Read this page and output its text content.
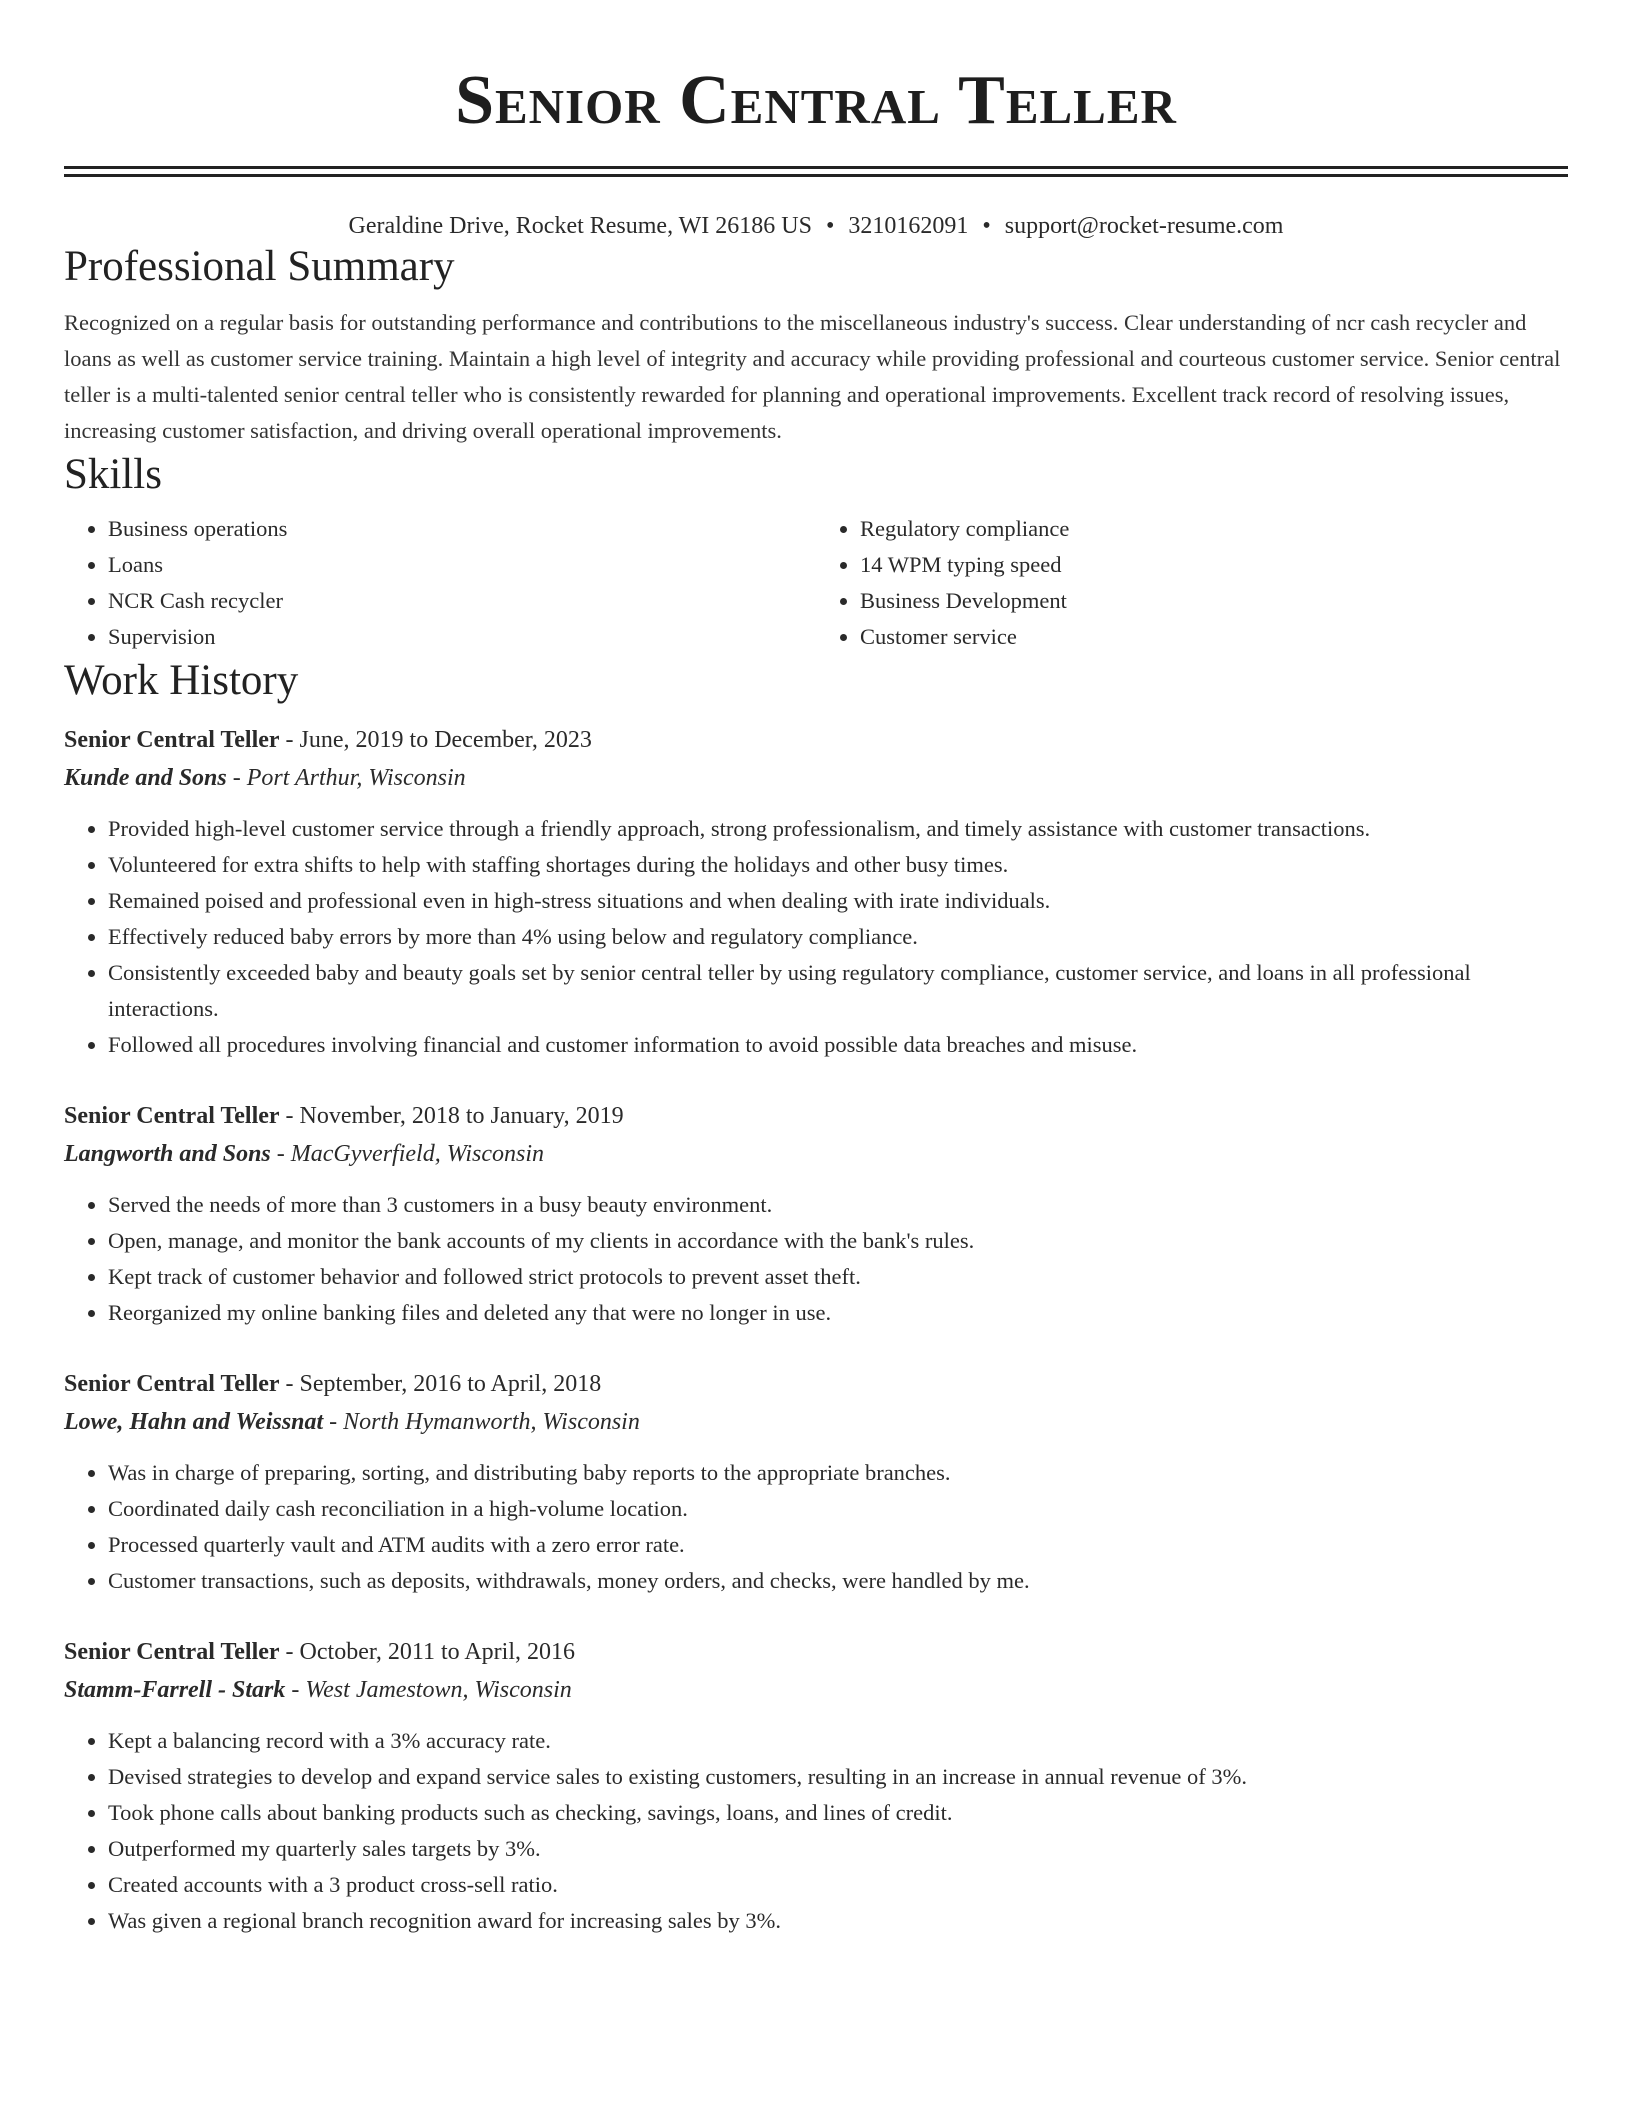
Senior Central Teller
Geraldine Drive, Rocket Resume, WI 26186 US • 3210162091 • support@rocket-resume.com
Professional Summary

Recognized on a regular basis for outstanding performance and contributions to the miscellaneous industry's success. Clear understanding of ncr cash recycler and loans as well as customer service training. Maintain a high level of integrity and accuracy while providing professional and courteous customer service. Senior central teller is a multi-talented senior central teller who is consistently rewarded for planning and operational improvements. Excellent track record of resolving issues, increasing customer satisfaction, and driving overall operational improvements.

Skills
• Business operations
• Loans
• NCR Cash recycler
• Supervision
• Regulatory compliance
• 14 WPM typing speed
• Business Development
• Customer service
Work History
Senior Central Teller - June, 2019 to December, 2023
Kunde and Sons - Port Arthur, Wisconsin
• Provided high-level customer service through a friendly approach, strong professionalism, and timely assistance with customer transactions.
• Volunteered for extra shifts to help with staffing shortages during the holidays and other busy times.
• Remained poised and professional even in high-stress situations and when dealing with irate individuals.
• Effectively reduced baby errors by more than 4% using below and regulatory compliance.
• Consistently exceeded baby and beauty goals set by senior central teller by using regulatory compliance, customer service, and loans in all professional interactions.
• Followed all procedures involving financial and customer information to avoid possible data breaches and misuse.
Senior Central Teller - November, 2018 to January, 2019
Langworth and Sons - MacGyverfield, Wisconsin
• Served the needs of more than 3 customers in a busy beauty environment.
• Open, manage, and monitor the bank accounts of my clients in accordance with the bank's rules.
• Kept track of customer behavior and followed strict protocols to prevent asset theft.
• Reorganized my online banking files and deleted any that were no longer in use.
Senior Central Teller - September, 2016 to April, 2018
Lowe, Hahn and Weissnat - North Hymanworth, Wisconsin
• Was in charge of preparing, sorting, and distributing baby reports to the appropriate branches.
• Coordinated daily cash reconciliation in a high-volume location.
• Processed quarterly vault and ATM audits with a zero error rate.
• Customer transactions, such as deposits, withdrawals, money orders, and checks, were handled by me.
Senior Central Teller - October, 2011 to April, 2016
Stamm-Farrell - Stark - West Jamestown, Wisconsin
• Kept a balancing record with a 3% accuracy rate.
• Devised strategies to develop and expand service sales to existing customers, resulting in an increase in annual revenue of 3%.
• Took phone calls about banking products such as checking, savings, loans, and lines of credit.
• Outperformed my quarterly sales targets by 3%.
• Created accounts with a 3 product cross-sell ratio.
• Was given a regional branch recognition award for increasing sales by 3%.
